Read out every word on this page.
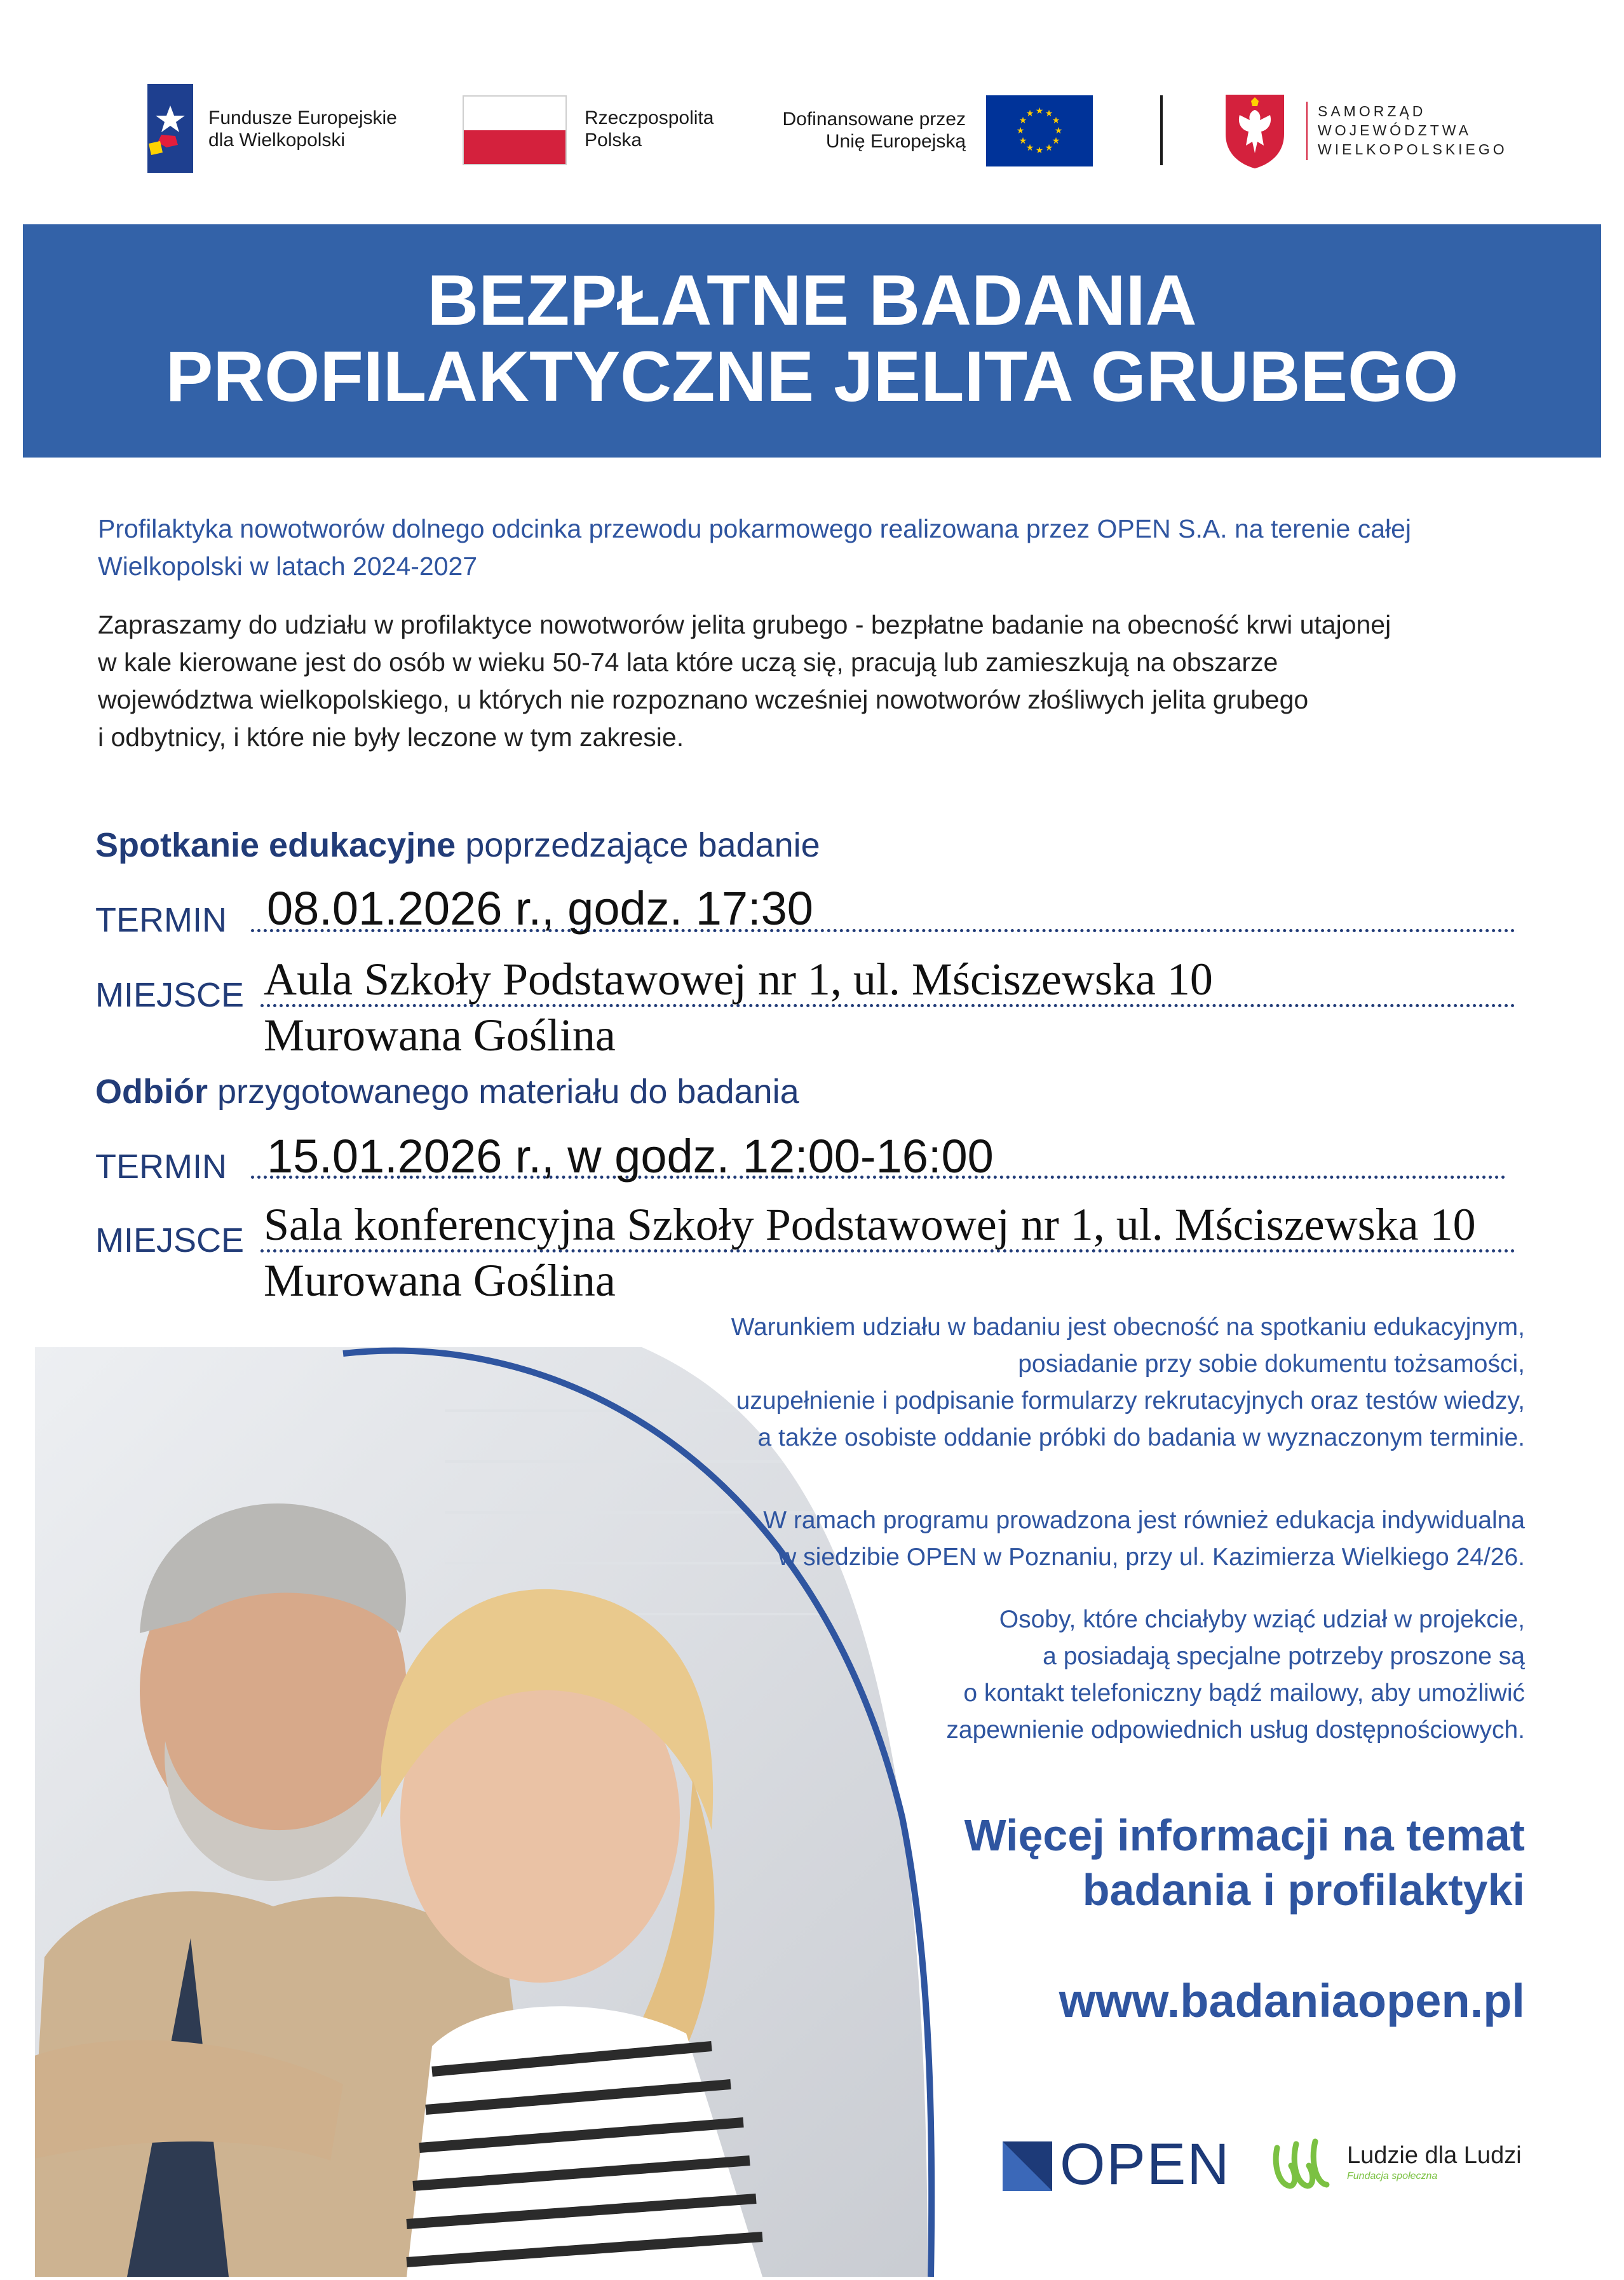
Fundusze Europejskie
dla Wielkopolski
Rzeczpospolita
Polska
Dofinansowane przez
Unię Europejską
★ ★
★
★
★
★
★
★
★
★
★
★	SAMORZĄD
WOJEWÓDZTWA
WIELKOPOLSKIEGO
BEZPŁATNE BADANIA
PROFILAKTYCZNE JELITA GRUBEGO
Profilaktyka nowotworów dolnego odcinka przewodu pokarmowego realizowana przez OPEN S.A. na terenie całej
Wielkopolski w latach 2024-2027
Zapraszamy do udziału w profilaktyce nowotworów jelita grubego - bezpłatne badanie na obecność krwi utajonej
w kale kierowane jest do osób w wieku 50-74 lata które uczą się, pracują lub zamieszkują na obszarze
województwa wielkopolskiego, u których nie rozpoznano wcześniej nowotworów złośliwych jelita grubego
i odbytnicy, i które nie były leczone w tym zakresie.
Spotkanie edukacyjne poprzedzające badanie
TERMIN 08.01.2026 r., godz. 17:30
MIEJSCE Aula Szkoły Podstawowej nr 1, ul. Mściszewska 10
Murowana Goślina
Odbiór przygotowanego materiału do badania
TERMIN 15.01.2026 r., w godz. 12:00-16:00
MIEJSCE Sala konferencyjna Szkoły Podstawowej nr 1, ul. Mściszewska 10
Murowana Goślina
Warunkiem udziału w badaniu jest obecność na spotkaniu edukacyjnym,
posiadanie przy sobie dokumentu tożsamości,
uzupełnienie i podpisanie formularzy rekrutacyjnych oraz testów wiedzy,
a także osobiste oddanie próbki do badania w wyznaczonym terminie.
W ramach programu prowadzona jest również edukacja indywidualna
w siedzibie OPEN w Poznaniu, przy ul. Kazimierza Wielkiego 24/26.
Osoby, które chciałyby wziąć udział w projekcie,
a posiadają specjalne potrzeby proszone są
o kontakt telefoniczny bądź mailowy, aby umożliwić
zapewnienie odpowiednich usług dostępnościowych.
Więcej informacji na temat
badania i profilaktyki
www.badaniaopen.pl
OPEN	Ludzie dla Ludzi
Fundacja społeczna
